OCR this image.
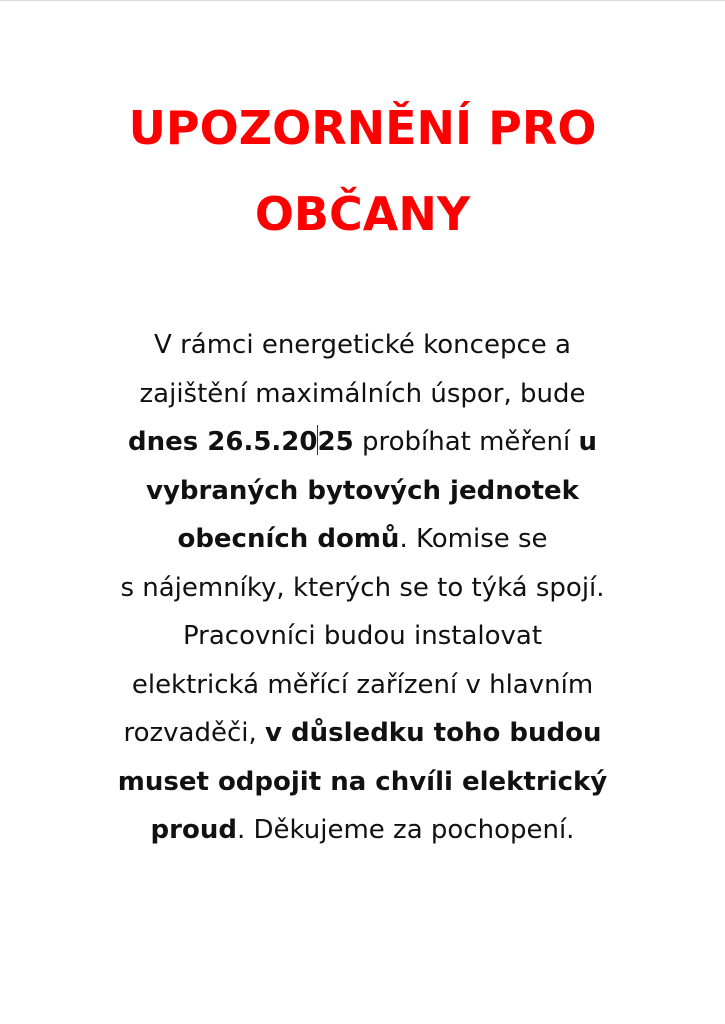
UPOZORNĚNÍ PRO
OBČANY
V rámci energetické koncepce a
zajištění maximálních úspor, bude
dnes 26.5.2025 probíhat měření u
vybraných bytových jednotek
obecních domů. Komise se
s nájemníky, kterých se to týká spojí.
Pracovníci budou instalovat
elektrická měřící zařízení v hlavním
rozvaděči, v důsledku toho budou
muset odpojit na chvíli elektrický
proud. Děkujeme za pochopení.
